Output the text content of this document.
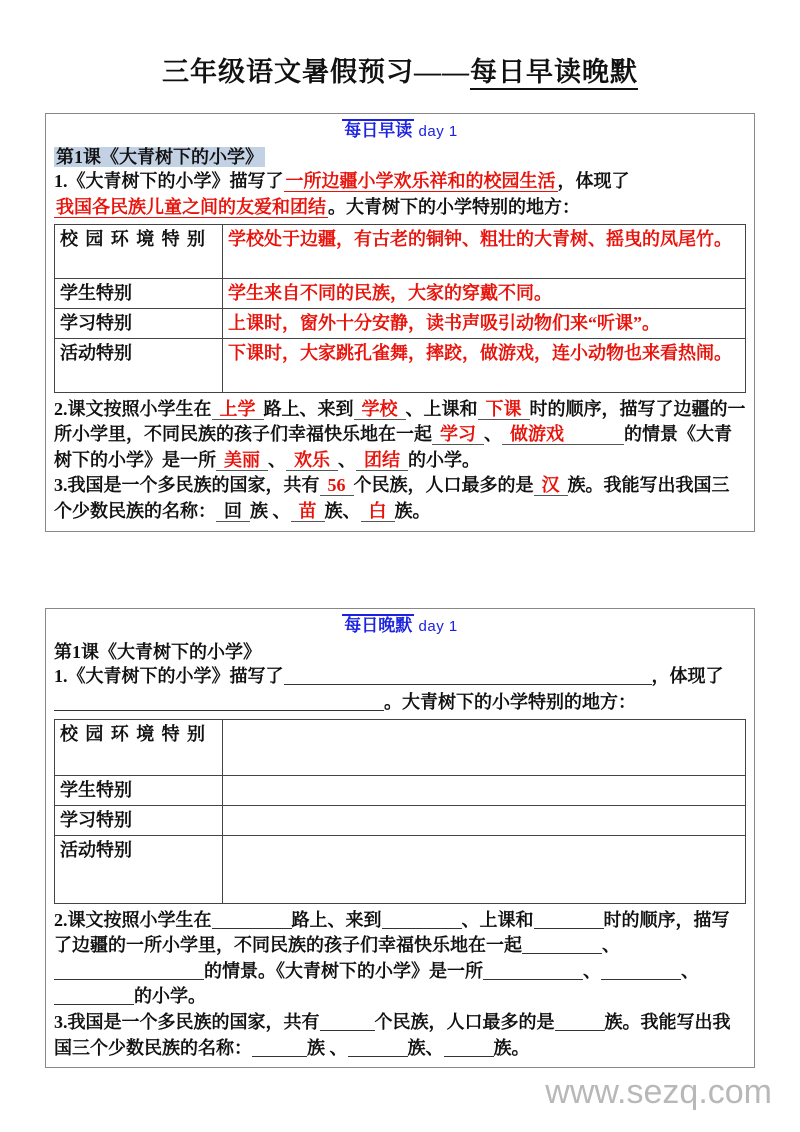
三年级语文暑假预习——每日早读晚默
每日早读 day 1
第1课《大青树下的小学》
1.《大青树下的小学》描写了 一所边疆小学欢乐祥和的校园生活 ，体现了我国各民族儿童之间的友爱和团结 。大青树下的小学特别的地方：
校园环境特别	学校处于边疆，有古老的铜钟、粗壮的大青树、摇曳的凤尾竹。
学生特别	学生来自不同的民族，大家的穿戴不同。
学习特别	上课时，窗外十分安静，读书声吸引动物们来“听课”。
活动特别	下课时，大家跳孔雀舞，摔跤，做游戏，连小动物也来看热闹。
2.课文按照小学生在 上学 路上、来到 学校 、上课和 下课 时的顺序，描写了边疆的一所小学里，不同民族的孩子们幸福快乐地在一起 学习 、 做游戏	的情景《大青树下的小学》是一所 美丽 、 欢乐 、 团结 的小学。
3.我国是一个多民族的国家，共有 56 个民族，人口最多的是 汉 族。我能写出我国三个少数民族的名称： 回 族 、 苗 族、 白 族。
每日晚默 day 1
第1课《大青树下的小学》
1.《大青树下的小学》描写了	，体现了。大青树下的小学特别的地方：
校园环境特别	

学生特别	
学习特别	
活动特别	
2.课文按照小学生在	路上、来到	、上课和	时的顺序，描写了边疆的一所小学里，不同民族的孩子们幸福快乐地在一起	、的情景。《大青树下的小学》是一所	、	、的小学。
3.我国是一个多民族的国家，共有	个民族，人口最多的是	族。我能写出我国三个少数民族的名称：	族 、	族、	族。
www.sezq.com
